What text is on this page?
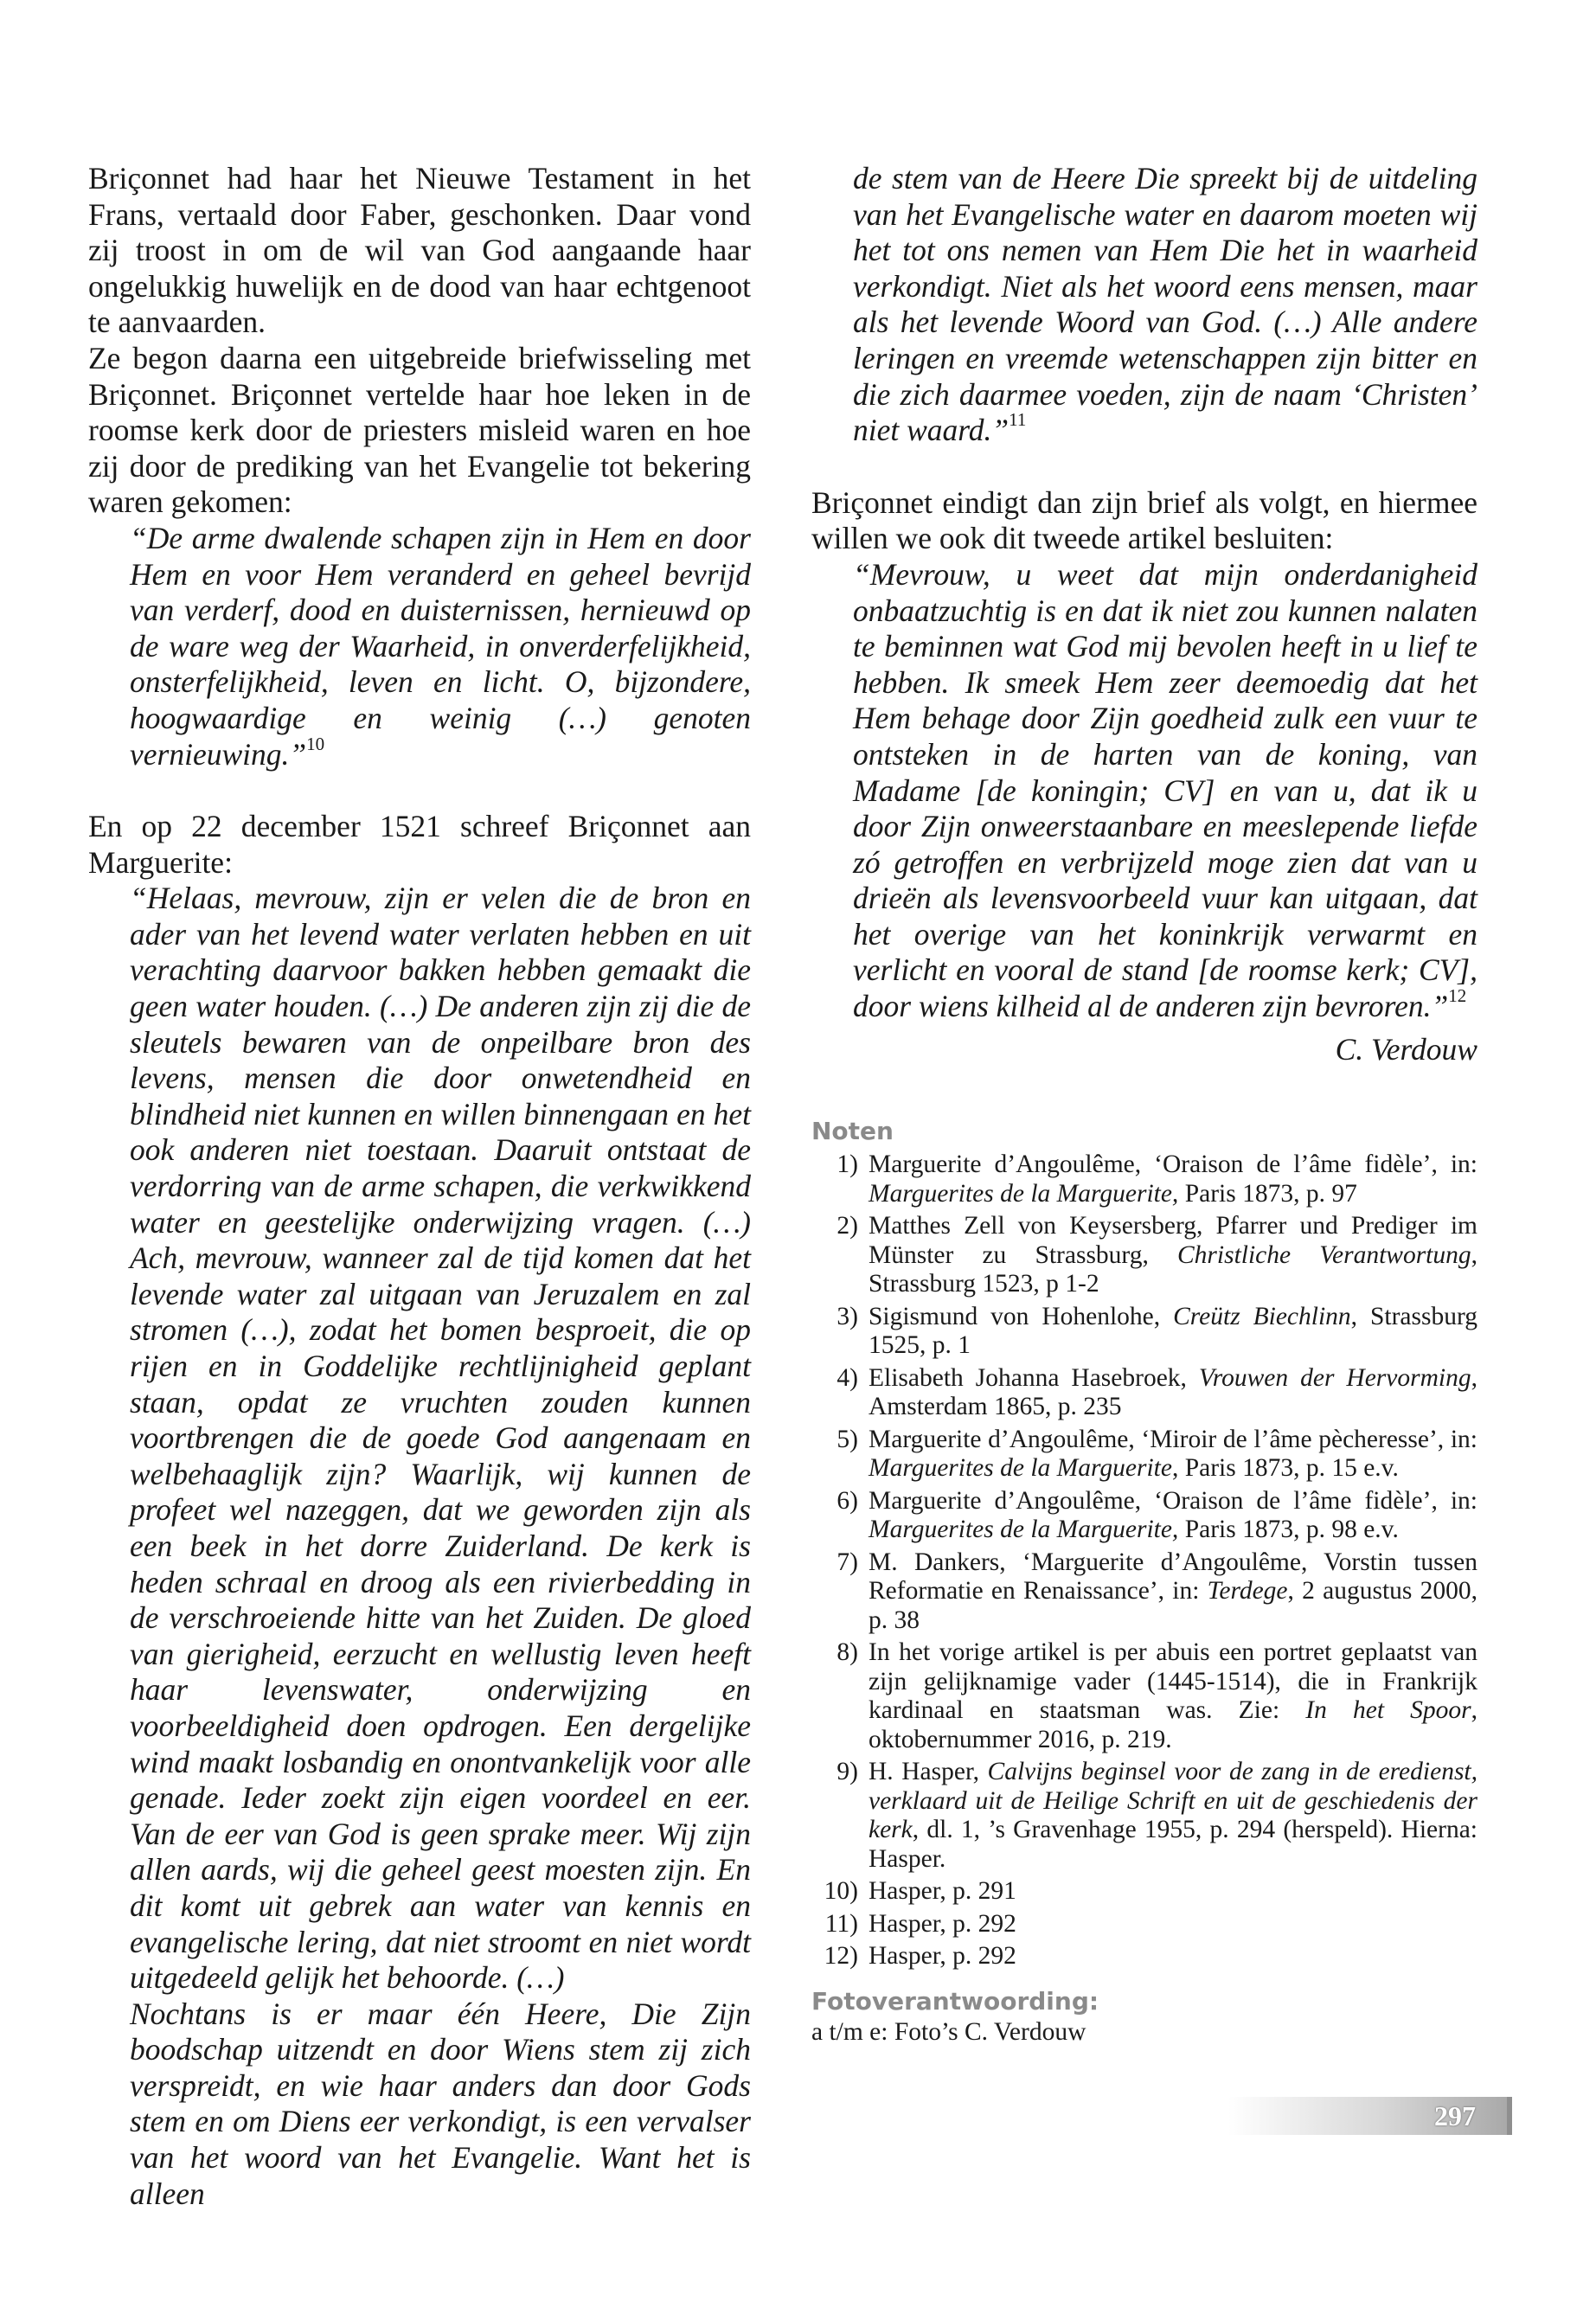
Briçonnet had haar het Nieuwe Testament in het Frans, vertaald door Faber, geschonken. Daar vond zij troost in om de wil van God aangaande haar ongelukkig huwelijk en de dood van haar echtgenoot te aanvaarden.

Ze begon daarna een uitgebreide briefwisseling met Briçonnet. Briçonnet vertelde haar hoe leken in de roomse kerk door de priesters misleid waren en hoe zij door de prediking van het Evangelie tot bekering waren gekomen:

“De arme dwalende schapen zijn in Hem en door Hem en voor Hem veranderd en geheel bevrijd van verderf, dood en duisternissen, hernieuwd op de ware weg der Waarheid, in onverderfelijkheid, onsterfelijkheid, leven en licht. O, bijzondere, hoogwaardige en weinig (…) genoten vernieuwing.”$^{10}$

En op 22 december 1521 schreef Briçonnet aan Marguerite:

“Helaas, mevrouw, zijn er velen die de bron en ader van het levend water verlaten hebben en uit verachting daarvoor bakken hebben gemaakt die geen water houden. (…) De anderen zijn zij die de sleutels bewaren van de onpeilbare bron des levens, mensen die door onwetendheid en blindheid niet kunnen en willen binnengaan en het ook anderen niet toestaan. Daaruit ontstaat de verdorring van de arme schapen, die verkwikkend water en geestelijke onderwijzing vragen. (…) Ach, mevrouw, wanneer zal de tijd komen dat het levende water zal uitgaan van Jeruzalem en zal stromen (…), zodat het bomen besproeit, die op rijen en in Goddelijke rechtlijnigheid geplant staan, opdat ze vruchten zouden kunnen voortbrengen die de goede God aangenaam en welbehaaglijk zijn? Waarlijk, wij kunnen de profeet wel nazeggen, dat we geworden zijn als een beek in het dorre Zuiderland. De kerk is heden schraal en droog als een rivierbedding in de verschroeiende hitte van het Zuiden. De gloed van gierigheid, eerzucht en wellustig leven heeft haar levenswater, onderwijzing en voorbeeldigheid doen opdrogen. Een dergelijke wind maakt losbandig en onontvankelijk voor alle genade. Ieder zoekt zijn eigen voordeel en eer. Van de eer van God is geen sprake meer. Wij zijn allen aards, wij die geheel geest moesten zijn. En dit komt uit gebrek aan water van kennis en evangelische lering, dat niet stroomt en niet wordt uitgedeeld gelijk het behoorde. (…)

Nochtans is er maar één Heere, Die Zijn boodschap uitzendt en door Wiens stem zij zich verspreidt, en wie haar anders dan door Gods stem en om Diens eer verkondigt, is een vervalser van het woord van het Evangelie. Want het is alleen

de stem van de Heere Die spreekt bij de uitdeling van het Evangelische water en daarom moeten wij het tot ons nemen van Hem Die het in waarheid verkondigt. Niet als het woord eens mensen, maar als het levende Woord van God. (…) Alle andere leringen en vreemde wetenschappen zijn bitter en die zich daarmee voeden, zijn de naam ‘Christen’ niet waard.”$^{11}$

Briçonnet eindigt dan zijn brief als volgt, en hiermee willen we ook dit tweede artikel besluiten:

“Mevrouw, u weet dat mijn onderdanigheid onbaatzuchtig is en dat ik niet zou kunnen nalaten te beminnen wat God mij bevolen heeft in u lief te hebben. Ik smeek Hem zeer deemoedig dat het Hem behage door Zijn goedheid zulk een vuur te ontsteken in de harten van de koning, van Madame [de koningin; CV] en van u, dat ik u door Zijn onweerstaanbare en meeslepende liefde zó getroffen en verbrijzeld moge zien dat van u drieën als levensvoorbeeld vuur kan uitgaan, dat het overige van het koninkrijk verwarmt en verlicht en vooral de stand [de roomse kerk; CV], door wiens kilheid al de anderen zijn bevroren.”$^{12}$

C. Verdouw

Noten

1) Marguerite d’Angoulême, ‘Oraison de l’âme fidèle’, in: Marguerites de la Marguerite, Paris 1873, p. 97
2) Matthes Zell von Keysersberg, Pfarrer und Prediger im Münster zu Strassburg, Christliche Verantwortung, Strassburg 1523, p 1-2
3) Sigismund von Hohenlohe, Creütz Biechlinn, Strassburg 1525, p. 1
4) Elisabeth Johanna Hasebroek, Vrouwen der Hervorming, Amsterdam 1865, p. 235
5) Marguerite d’Angoulême, ‘Miroir de l’âme pècheresse’, in: Marguerites de la Marguerite, Paris 1873, p. 15 e.v.
6) Marguerite d’Angoulême, ‘Oraison de l’âme fidèle’, in: Marguerites de la Marguerite, Paris 1873, p. 98 e.v.
7) M. Dankers, ‘Marguerite d’Angoulême, Vorstin tussen Reformatie en Renaissance’, in: Terdege, 2 augustus 2000, p. 38
8) In het vorige artikel is per abuis een portret geplaatst van zijn gelijknamige vader (1445-1514), die in Frankrijk kardinaal en staatsman was. Zie: In het Spoor, oktobernummer 2016, p. 219.
9) H. Hasper, Calvijns beginsel voor de zang in de eredienst, verklaard uit de Heilige Schrift en uit de geschiedenis der kerk, dl. 1, ’s Gravenhage 1955, p. 294 (herspeld). Hierna: Hasper.
10) Hasper, p. 291
11) Hasper, p. 292
12) Hasper, p. 292

Fotoverantwoording:

a t/m e: Foto’s C. Verdouw

297
